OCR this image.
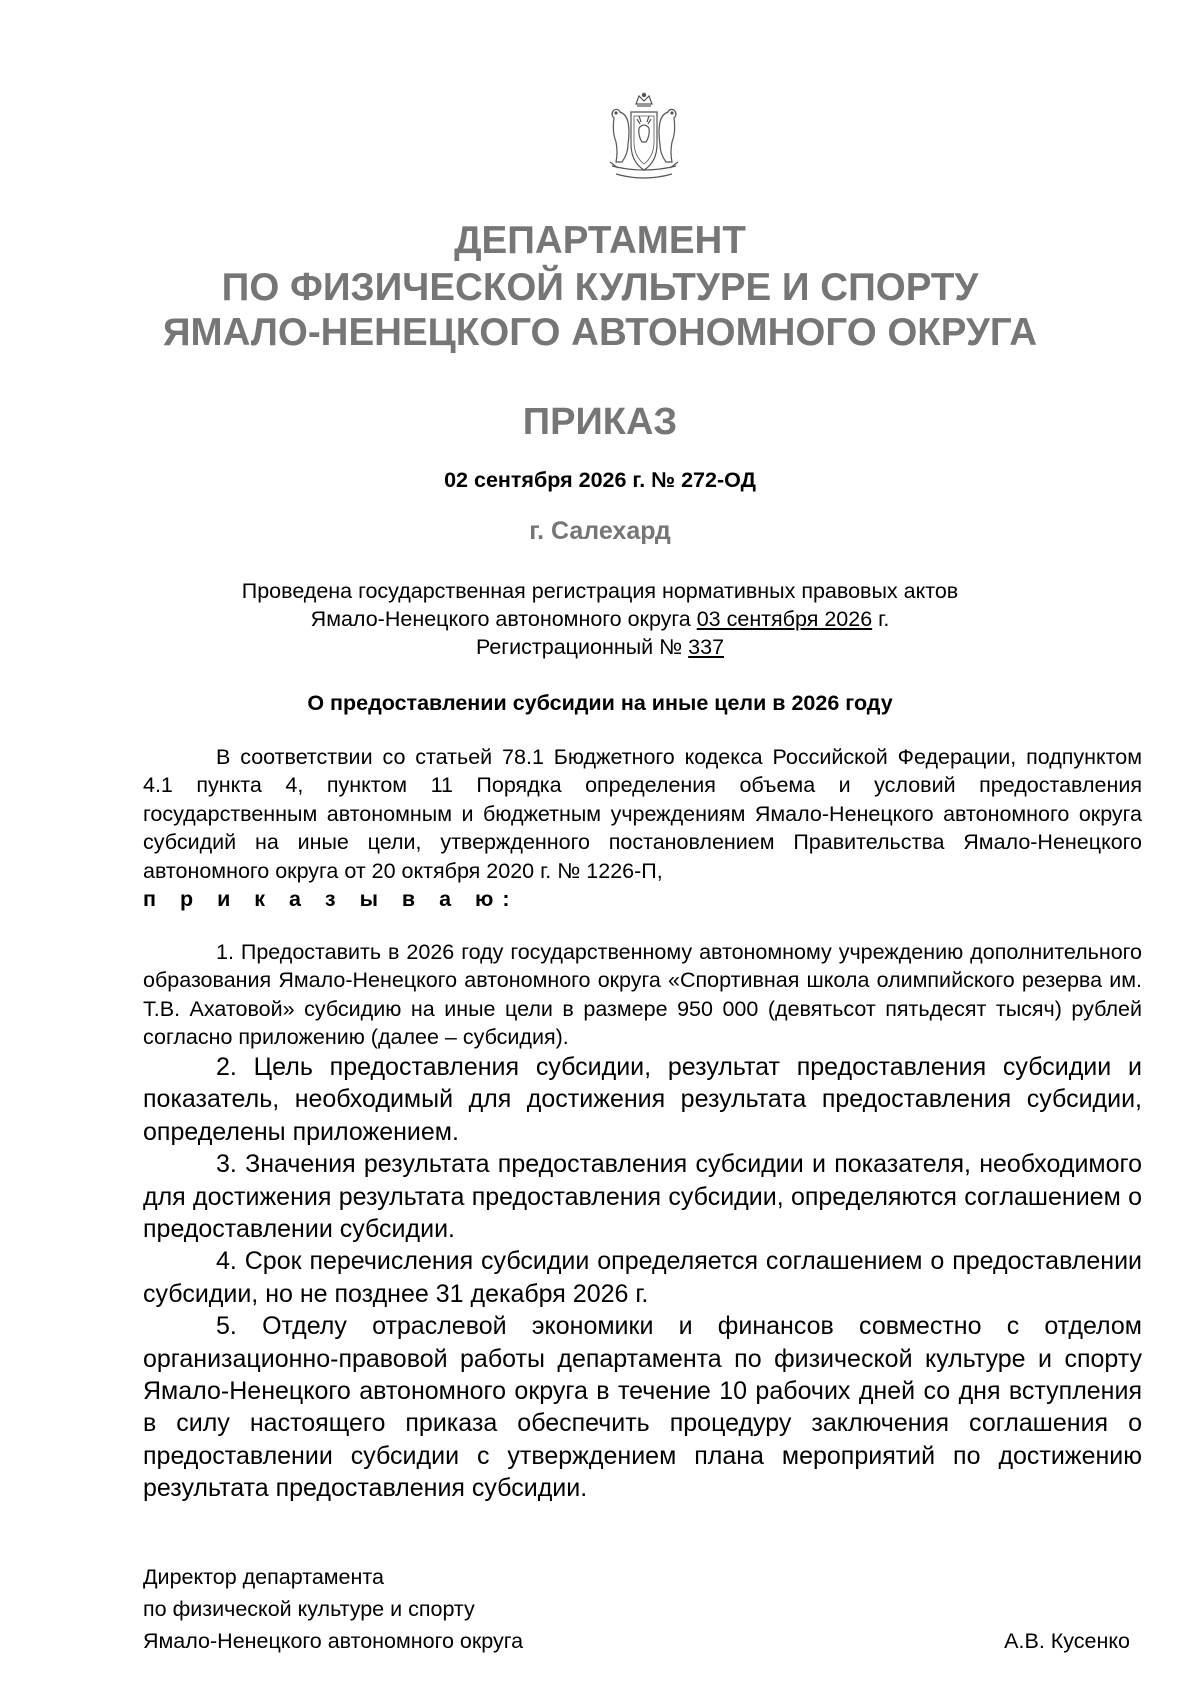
ДЕПАРТАМЕНТ
ПО ФИЗИЧЕСКОЙ КУЛЬТУРЕ И СПОРТУ
ЯМАЛО-НЕНЕЦКОГО АВТОНОМНОГО ОКРУГА
ПРИКАЗ
02 сентября 2026 г. № 272-ОД
г. Салехард
Проведена государственная регистрация нормативных правовых актов
Ямало-Ненецкого автономного округа 03 сентября 2026 г.
Регистрационный № 337
О предоставлении субсидии на иные цели в 2026 году

В соответствии со статьей 78.1 Бюджетного кодекса Российской Федерации, подпунктом 4.1 пункта 4, пунктом 11 Порядка определения объема и условий предоставления государственным автономным и бюджетным учреждениям Ямало-Ненецкого автономного округа субсидий на иные цели, утвержденного постановлением Правительства Ямало-Ненецкого автономного округа от 20 октября 2020 г. № 1226-П,

п р и к а з ы в а ю:

1. Предоставить в 2026 году государственному автономному учреждению дополнительного образования Ямало-Ненецкого автономного округа «Спортивная школа олимпийского резерва им. Т.В. Ахатовой» субсидию на иные цели в размере 950 000 (девятьсот пятьдесят тысяч) рублей согласно приложению (далее – субсидия).

2. Цель предоставления субсидии, результат предоставления субсидии и показатель, необходимый для достижения результата предоставления субсидии, определены приложением.

3. Значения результата предоставления субсидии и показателя, необходимого для достижения результата предоставления субсидии, определяются соглашением о предоставлении субсидии.

4. Срок перечисления субсидии определяется соглашением о предоставлении субсидии, но не позднее 31 декабря 2026 г.

5. Отделу отраслевой экономики и финансов совместно с отделом организационно-правовой работы департамента по физической культуре и спорту Ямало-Ненецкого автономного округа в течение 10 рабочих дней со дня вступления в силу настоящего приказа обеспечить процедуру заключения соглашения о предоставлении субсидии с утверждением плана мероприятий по достижению результата предоставления субсидии.

Директор департамента
по физической культуре и спорту
Ямало-Ненецкого автономного округа	А.В. Кусенко
